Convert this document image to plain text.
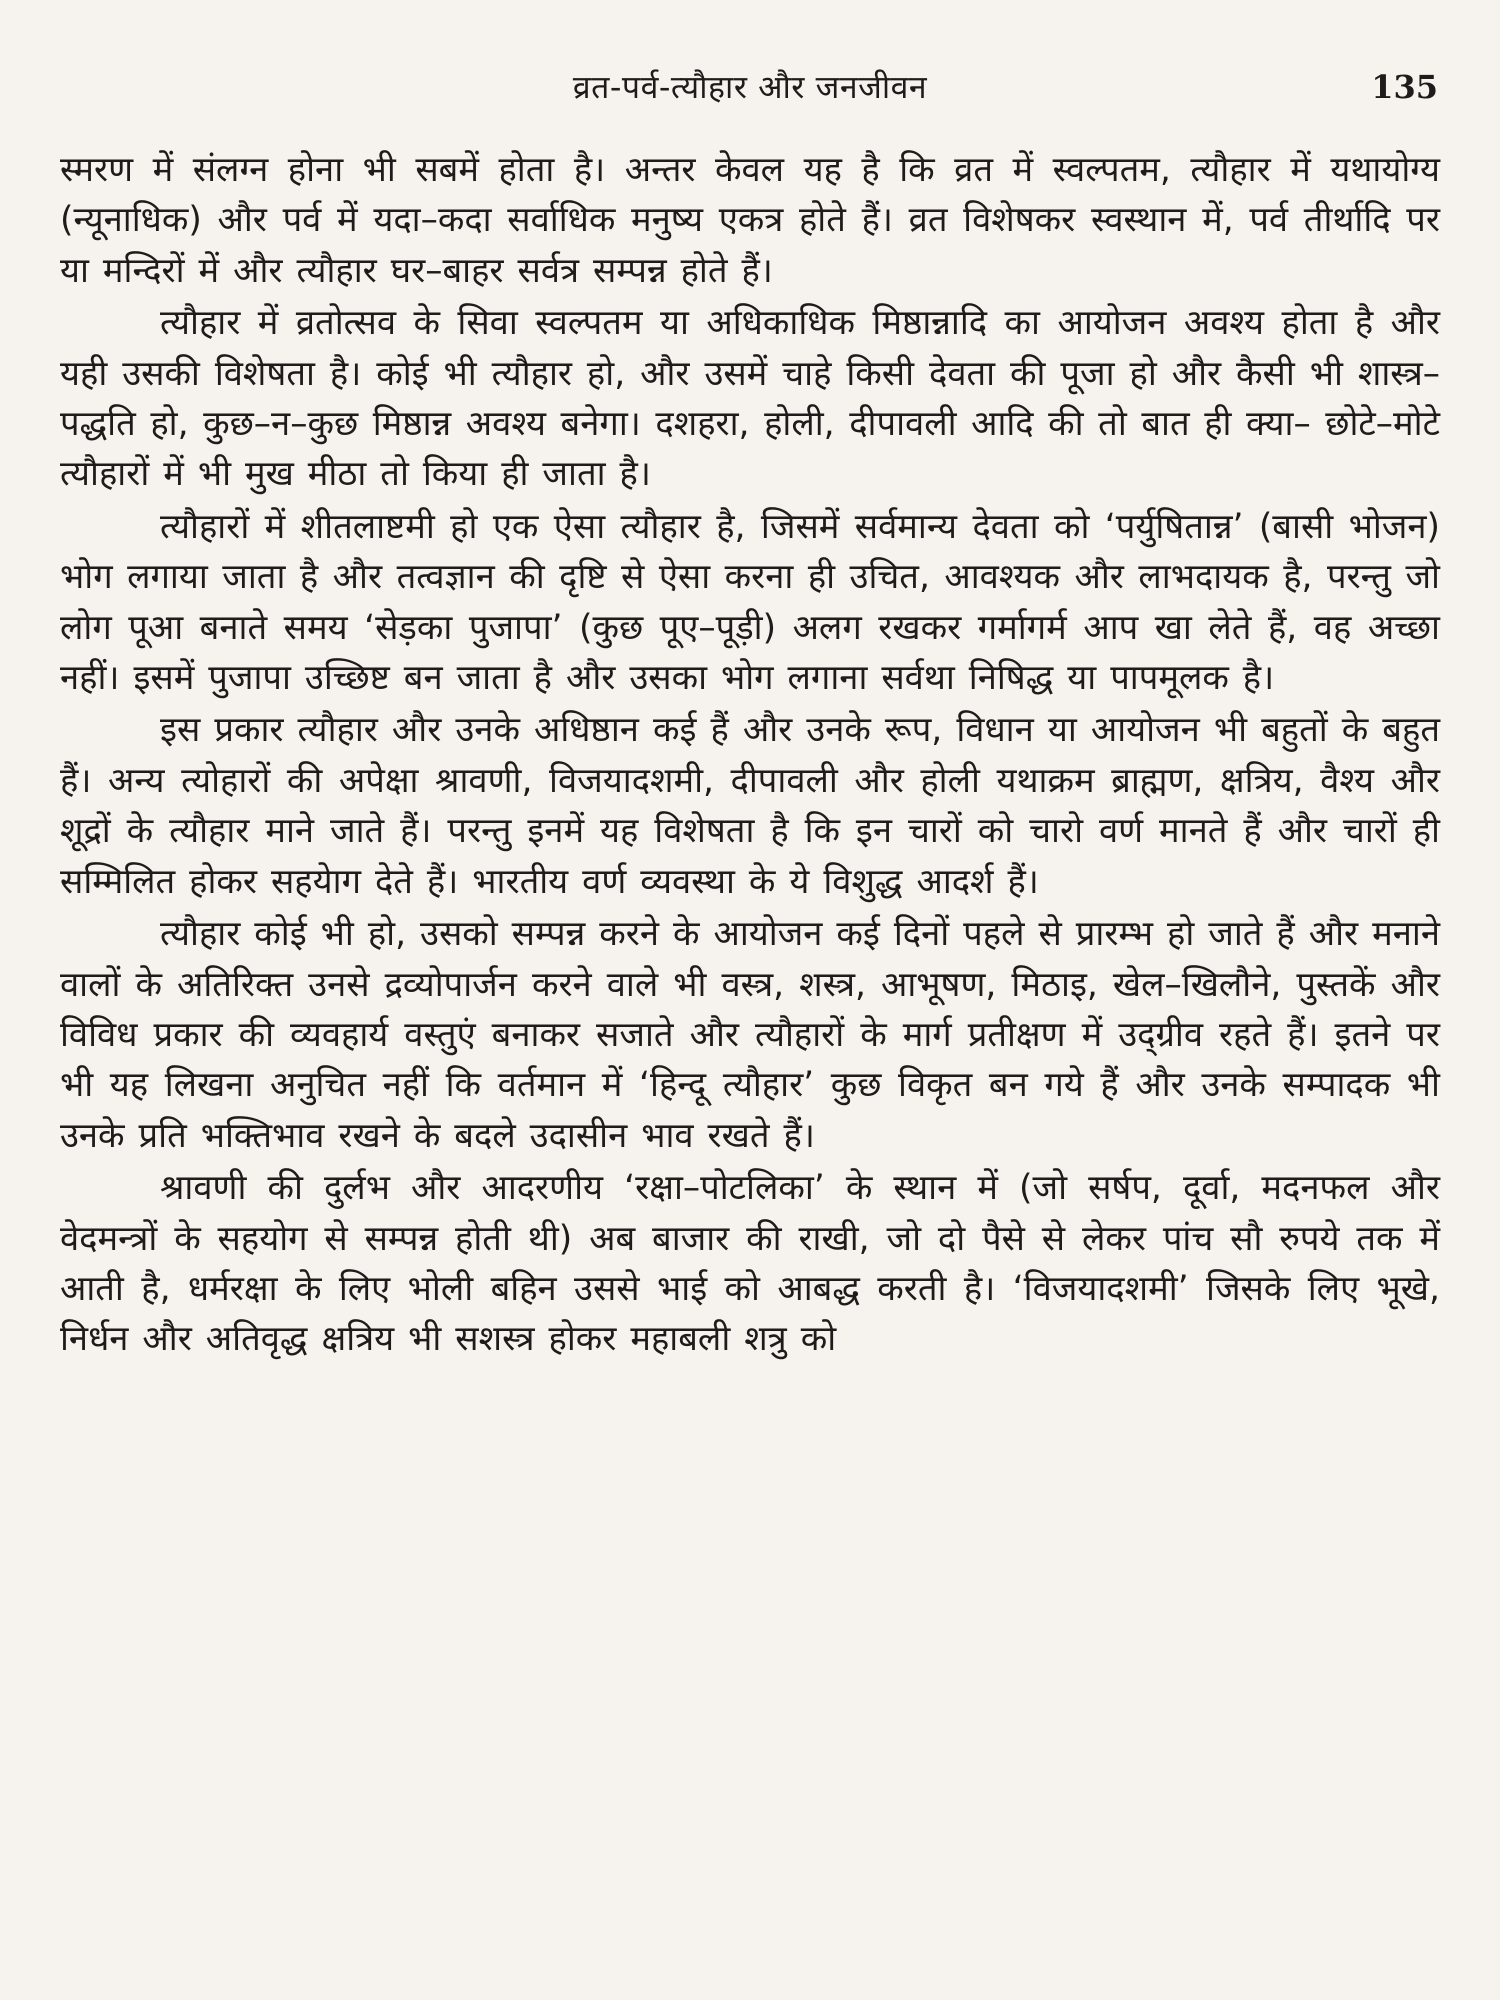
व्रत-पर्व-त्यौहार और जनजीवन	135

स्मरण में संलग्न होना भी सबमें होता है। अन्तर केवल यह है कि व्रत में स्वल्पतम, त्यौहार में यथायोग्य (न्यूनाधिक) और पर्व में यदा–कदा सर्वाधिक मनुष्य एकत्र होते हैं। व्रत विशेषकर स्वस्थान में, पर्व तीर्थादि पर या मन्दिरों में और त्यौहार घर–बाहर सर्वत्र सम्पन्न होते हैं।

त्यौहार में व्रतोत्सव के सिवा स्वल्पतम या अधिकाधिक मिष्ठान्नादि का आयोजन अवश्य होता है और यही उसकी विशेषता है। कोई भी त्यौहार हो, और उसमें चाहे किसी देवता की पूजा हो और कैसी भी शास्त्र–पद्धति हो, कुछ–न–कुछ मिष्ठान्न अवश्य बनेगा। दशहरा, होली, दीपावली आदि की तो बात ही क्या– छोटे–मोटे त्यौहारों में भी मुख मीठा तो किया ही जाता है।

त्यौहारों में शीतलाष्टमी हो एक ऐसा त्यौहार है, जिसमें सर्वमान्य देवता को ‘पर्युषितान्न’ (बासी भोजन) भोग लगाया जाता है और तत्वज्ञान की दृष्टि से ऐसा करना ही उचित, आवश्यक और लाभदायक है, परन्तु जो लोग पूआ बनाते समय ‘सेड़का पुजापा’ (कुछ पूए–पूड़ी) अलग रखकर गर्मागर्म आप खा लेते हैं, वह अच्छा नहीं। इसमें पुजापा उच्छिष्ट बन जाता है और उसका भोग लगाना सर्वथा निषिद्ध या पापमूलक है।

इस प्रकार त्यौहार और उनके अधिष्ठान कई हैं और उनके रूप, विधान या आयोजन भी बहुतों के बहुत हैं। अन्य त्योहारों की अपेक्षा श्रावणी, विजयादशमी, दीपावली और होली यथाक्रम ब्राह्मण, क्षत्रिय, वैश्य और शूद्रों के त्यौहार माने जाते हैं। परन्तु इनमें यह विशेषता है कि इन चारों को चारो वर्ण मानते हैं और चारों ही सम्मिलित होकर सहयेाग देते हैं। भारतीय वर्ण व्यवस्था के ये विशुद्ध आदर्श हैं।

त्यौहार कोई भी हो, उसको सम्पन्न करने के आयोजन कई दिनों पहले से प्रारम्भ हो जाते हैं और मनाने वालों के अतिरिक्त उनसे द्रव्योपार्जन करने वाले भी वस्त्र, शस्त्र, आभूषण, मिठाइ, खेल–खिलौने, पुस्तकें और विविध प्रकार की व्यवहार्य वस्तुएं बनाकर सजाते और त्यौहारों के मार्ग प्रतीक्षण में उद्ग्रीव रहते हैं। इतने पर भी यह लिखना अनुचित नहीं कि वर्तमान में ‘हिन्दू त्यौहार’ कुछ विकृत बन गये हैं और उनके सम्पादक भी उनके प्रति भक्तिभाव रखने के बदले उदासीन भाव रखते हैं।

श्रावणी की दुर्लभ और आदरणीय ‘रक्षा–पोटलिका’ के स्थान में (जो सर्षप, दूर्वा, मदनफल और वेदमन्त्रों के सहयोग से सम्पन्न होती थी) अब बाजार की राखी, जो दो पैसे से लेकर पांच सौ रुपये तक में आती है, धर्मरक्षा के लिए भोली बहिन उससे भाई को आबद्ध करती है। ‘विजयादशमी’ जिसके लिए भूखे, निर्धन और अतिवृद्ध क्षत्रिय भी सशस्त्र होकर महाबली शत्रु को
